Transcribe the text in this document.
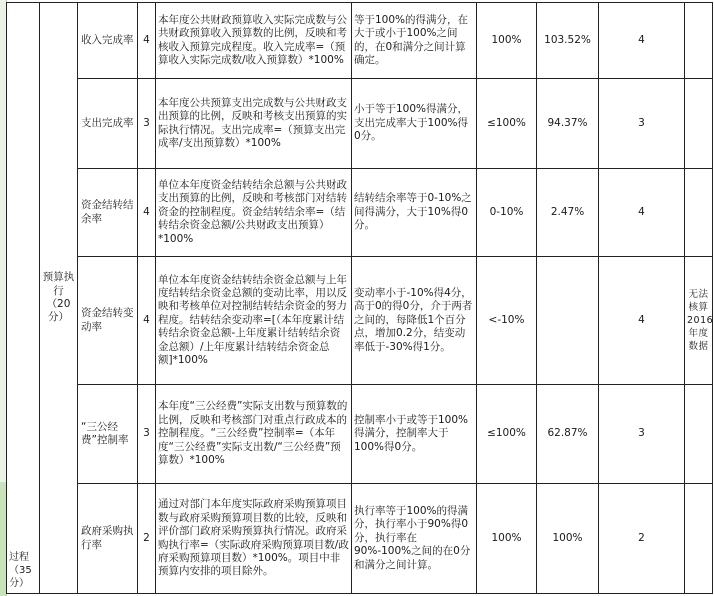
过程（35分）	预算执行（20分）	收入完成率	4	本年度公共财政预算收入实际完成数与公共财政预算收入预算数的比例，反映和考核收入预算完成程度。收入完成率=（预算收入实际完成数/收入预算数）*100%	等于100%的得满分，在大于或小于100%之间的，在0和满分之间计算确定。	100%	103.52%	4	
		支出完成率	3	本年度公共预算支出完成数与公共财政支出预算的比例，反映和考核支出预算的实际执行情况。支出完成率=（预算支出完成率/支出预算数）*100%	小于等于100%得满分，支出完成率大于100%得0分。	≤100%	94.37%	3	
		资金结转结余率	4	单位本年度资金结转结余总额与公共财政支出预算的比例，反映和考核部门对结转资金的控制程度。资金结转结余率=（结转结余资金总额/公共财政支出预算）*100%	结转结余率等于0-10%之间得满分，大于10%得0分。	0-10%	2.47%	4	
		资金结转变动率	4	单位本年度资金结转结余资金总额与上年度结转结余资金总额的变动比率，用以反映和考核单位对控制结转结余资金的努力程度。结转结余变动率=[（本年度累计结转结余资金总额-上年度累计结转结余资金总额）/上年度累计结转结余资金总额]*100%	变动率小于-10%得4分，高于0的得0分，介于两者之间的，每降低1个百分点，增加0.2分，结变动率低于-30%得1分。	<-10%		4	无法核算2016年度数据
		“三公经费”控制率	3	本年度“三公经费”实际支出数与预算数的比例，反映和考核部门对重点行政成本的控制程度。“三公经费”控制率=（本年度“三公经费”实际支出数/“三公经费”预算数）*100%	控制率小于或等于100%得满分，控制率大于100%得0分。	≤100%	62.87%	3	
		政府采购执行率	2	通过对部门本年度实际政府采购预算项目数与政府采购预算项目数的比较，反映和评价部门政府采购预算执行情况。政府采购执行率=（实际政府采购预算项目数/政府采购预算项目数）*100%。项目中非预算内安排的项目除外。	执行率等于100%的得满分，执行率小于90%得0分，执行率在90%-100%之间的在0分和满分之间计算。	100%	100%	2	
